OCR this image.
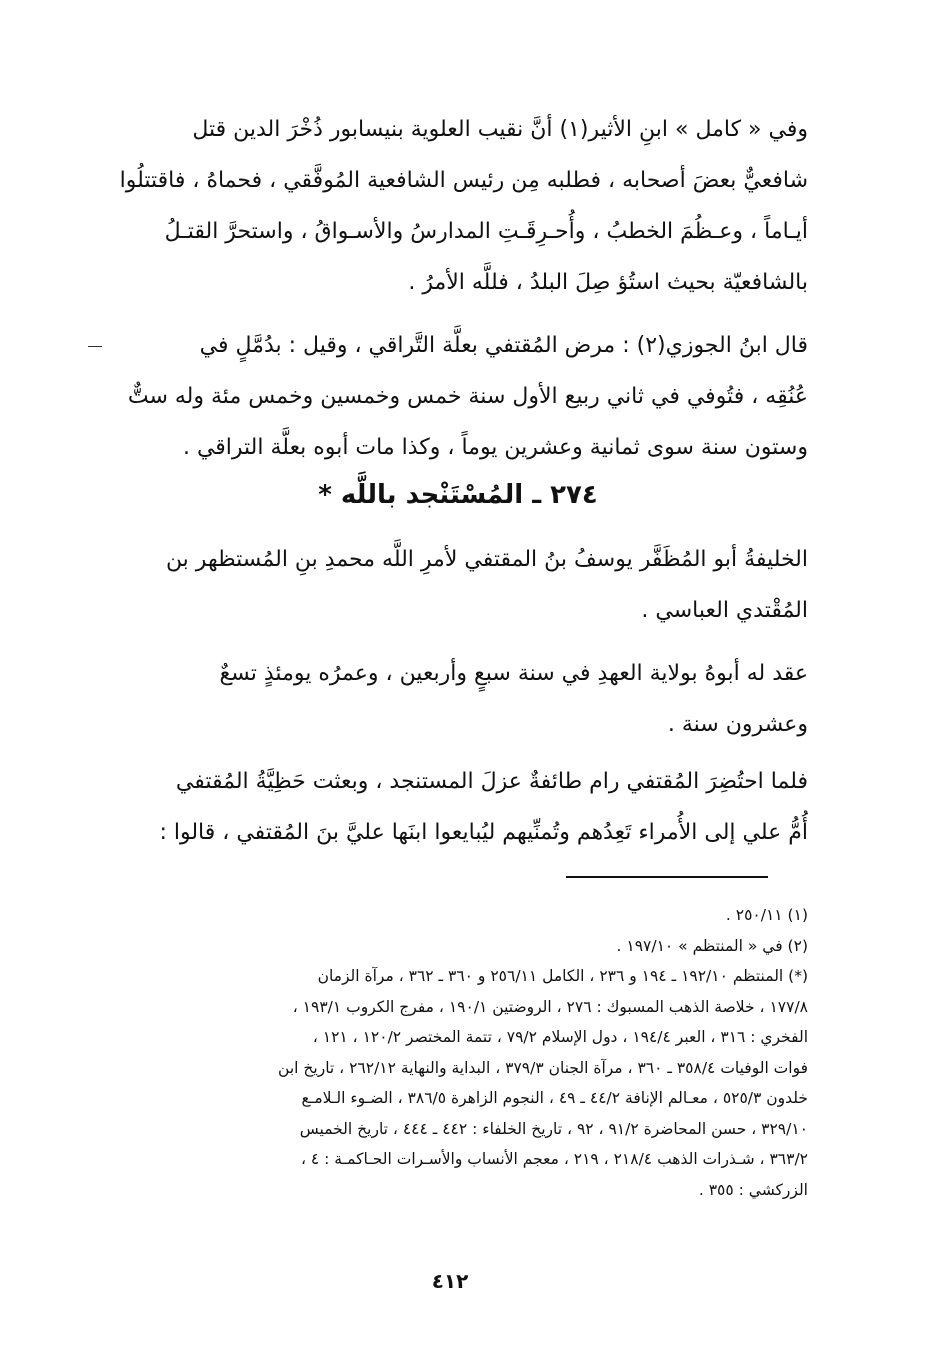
وفي « كامل » ابنِ الأثير(١) أنَّ نقيب العلوية بنيسابور ذُخْرَ الدين قتل
شافعيٌّ بعضَ أصحابه ، فطلبه مِن رئيس الشافعية المُوفَّقي ، فحماهُ ، فاقتتلُوا
أيـاماً ، وعـظُمَ الخطبُ ، وأُحـرِقَـتِ المدارسُ والأسـواقُ ، واستحرَّ القتـلُ
بالشافعيّة بحيث استُؤ صِلَ البلدُ ، فللَّه الأمرُ .
قال ابنُ الجوزي(٢) : مرض المُقتفي بعلَّة التَّراقي ، وقيل : بدُمَّلٍ في
عُنُقِه ، فتُوفي في ثاني ربيع الأول سنة خمس وخمسين وخمس مئة وله ستٌّ
وستون سنة سوى ثمانية وعشرين يوماً ، وكذا مات أبوه بعلَّة التراقي .
٢٧٤ ـ المُسْتَنْجد باللَّه *
الخليفةُ أبو المُظَفَّر يوسفُ بنُ المقتفي لأمرِ اللَّه محمدِ بنِ المُستظهر بن
المُقْتدي العباسي .
عقد له أبوهُ بولاية العهدِ في سنة سبعٍ وأربعين ، وعمرُه يومئذٍ تسعٌ
وعشرون سنة .
فلما احتُضِرَ المُقتفي رام طائفةٌ عزلَ المستنجد ، وبعثت حَظِيَّةُ المُقتفي
أُمُّ علي إلى الأُمراء تَعِدُهم وتُمنِّيهم ليُبايعوا ابنَها عليَّ بنَ المُقتفي ، قالوا :
(١) ٢٥٠/١١ .
(٢) في « المنتظم » ١٩٧/١٠ .
(*) المنتظم ١٩٢/١٠ ـ ١٩٤ و ٢٣٦ ، الكامل ٢٥٦/١١ و ٣٦٠ ـ ٣٦٢ ، مرآة الزمان
١٧٧/٨ ، خلاصة الذهب المسبوك : ٢٧٦ ، الروضتين ١٩٠/١ ، مفرج الكروب ١٩٣/١ ،
الفخري : ٣١٦ ، العبر ١٩٤/٤ ، دول الإسلام ٧٩/٢ ، تتمة المختصر ١٢٠/٢ ، ١٢١ ،
فوات الوفيات ٣٥٨/٤ ـ ٣٦٠ ، مرآة الجنان ٣٧٩/٣ ، البداية والنهاية ٢٦٢/١٢ ، تاريخ ابن
خلدون ٥٢٥/٣ ، معـالم الإنافة ٤٤/٢ ـ ٤٩ ، النجوم الزاهرة ٣٨٦/٥ ، الضـوء الـلامـع
٣٢٩/١٠ ، حسن المحاضرة ٩١/٢ ، ٩٢ ، تاريخ الخلفاء : ٤٤٢ ـ ٤٤٤ ، تاريخ الخميس
٣٦٣/٢ ، شـذرات الذهب ٢١٨/٤ ، ٢١٩ ، معجم الأنساب والأسـرات الحـاكمـة : ٤ ،
الزركشي : ٣٥٥ .
٤١٢
